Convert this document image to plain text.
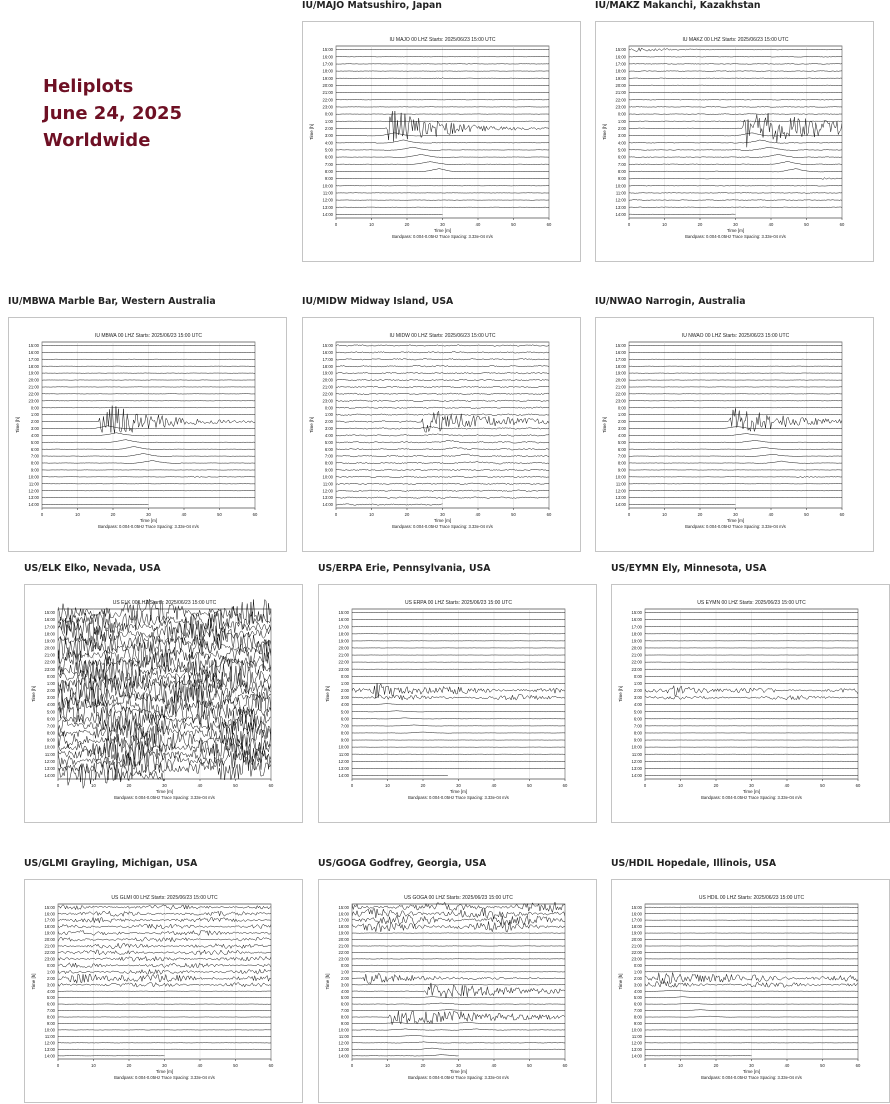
Heliplots
June 24, 2025
Worldwide
IU/MAJO Matsushiro, Japan
IU MAJO 00 LHZ Starts: 2025/06/23 15:00 UTC
0	10	20	30	40	50	60
15:00
16:00
17:00
18:00
19:00
20:00
21:00
22:00
23:00
0:00
1:00
2:00
3:00
4:00
5:00
6:00
7:00
8:00
9:00
10:00
11:00
12:00
13:00
14:00
Time [h]
Time [m]
Bandpass: 0.004-0.05Hz Trace Spacing: 3.33e-04 m/s
IU/MAKZ Makanchi, Kazakhstan
IU MAKZ 00 LHZ Starts: 2025/06/23 15:00 UTC
0	10	20	30	40	50	60
15:00
16:00
17:00
18:00
19:00
20:00
21:00
22:00
23:00
0:00
1:00
2:00
3:00
4:00
5:00
6:00
7:00
8:00
9:00
10:00
11:00
12:00
13:00
14:00
Time [h]
Time [m]
Bandpass: 0.004-0.05Hz Trace Spacing: 3.33e-04 m/s
IU/MBWA Marble Bar, Western Australia
IU MBWA 00 LHZ Starts: 2025/06/23 15:00 UTC
0	10	20	30	40	50	60
15:00
16:00
17:00
18:00
19:00
20:00
21:00
22:00
23:00
0:00
1:00
2:00
3:00
4:00
5:00
6:00
7:00
8:00
9:00
10:00
11:00
12:00
13:00
14:00
Time [h]
Time [m]
Bandpass: 0.004-0.05Hz Trace Spacing: 3.33e-04 m/s
IU/MIDW Midway Island, USA
IU MIDW 00 LHZ Starts: 2025/06/23 15:00 UTC
0	10	20	30	40	50	60
15:00
16:00
17:00
18:00
19:00
20:00
21:00
22:00
23:00
0:00
1:00
2:00
3:00
4:00
5:00
6:00
7:00
8:00
9:00
10:00
11:00
12:00
13:00
14:00
Time [h]
Time [m]
Bandpass: 0.004-0.05Hz Trace Spacing: 3.33e-04 m/s
IU/NWAO Narrogin, Australia
IU NWAO 00 LHZ Starts: 2025/06/23 15:00 UTC
0	10	20	30	40	50	60
15:00
16:00
17:00
18:00
19:00
20:00
21:00
22:00
23:00
0:00
1:00
2:00
3:00
4:00
5:00
6:00
7:00
8:00
9:00
10:00
11:00
12:00
13:00
14:00
Time [h]
Time [m]
Bandpass: 0.004-0.05Hz Trace Spacing: 3.33e-04 m/s
US/ELK Elko, Nevada, USA
US ELK 00 LHZ Starts: 2025/06/23 15:00 UTC
0	10	20	30	40	50	60
15:00
16:00
17:00
18:00
19:00
20:00
21:00
22:00
23:00
0:00
1:00
2:00
3:00
4:00
5:00
6:00
7:00
8:00
9:00
10:00
11:00
12:00
13:00
14:00
Time [h]
Time [m]
Bandpass: 0.004-0.05Hz Trace Spacing: 3.33e-04 m/s
US/ERPA Erie, Pennsylvania, USA
US ERPA 00 LHZ Starts: 2025/06/23 15:00 UTC
0	10	20	30	40	50	60
15:00
16:00
17:00
18:00
19:00
20:00
21:00
22:00
23:00
0:00
1:00
2:00
3:00
4:00
5:00
6:00
7:00
8:00
9:00
10:00
11:00
12:00
13:00
14:00
Time [h]
Time [m]
Bandpass: 0.004-0.05Hz Trace Spacing: 3.33e-04 m/s
US/EYMN Ely, Minnesota, USA
US EYMN 00 LHZ Starts: 2025/06/23 15:00 UTC
0	10	20	30	40	50	60
15:00
16:00
17:00
18:00
19:00
20:00
21:00
22:00
23:00
0:00
1:00
2:00
3:00
4:00
5:00
6:00
7:00
8:00
9:00
10:00
11:00
12:00
13:00
14:00
Time [h]
Time [m]
Bandpass: 0.004-0.05Hz Trace Spacing: 3.33e-04 m/s
US/GLMI Grayling, Michigan, USA
US GLMI 00 LHZ Starts: 2025/06/23 15:00 UTC
0	10	20	30	40	50	60
15:00
16:00
17:00
18:00
19:00
20:00
21:00
22:00
23:00
0:00
1:00
2:00
3:00
4:00
5:00
6:00
7:00
8:00
9:00
10:00
11:00
12:00
13:00
14:00
Time [h]
Time [m]
Bandpass: 0.004-0.05Hz Trace Spacing: 3.33e-04 m/s
US/GOGA Godfrey, Georgia, USA
US GOGA 00 LHZ Starts: 2025/06/23 15:00 UTC
0	10	20	30	40	50	60
15:00
16:00
17:00
18:00
19:00
20:00
21:00
22:00
23:00
0:00
1:00
2:00
3:00
4:00
5:00
6:00
7:00
8:00
9:00
10:00
11:00
12:00
13:00
14:00
Time [h]
Time [m]
Bandpass: 0.004-0.05Hz Trace Spacing: 3.33e-04 m/s
US/HDIL Hopedale, Illinois, USA
US HDIL 00 LHZ Starts: 2025/06/23 15:00 UTC
0	10	20	30	40	50	60
15:00
16:00
17:00
18:00
19:00
20:00
21:00
22:00
23:00
0:00
1:00
2:00
3:00
4:00
5:00
6:00
7:00
8:00
9:00
10:00
11:00
12:00
13:00
14:00
Time [h]
Time [m]
Bandpass: 0.004-0.05Hz Trace Spacing: 3.33e-04 m/s
